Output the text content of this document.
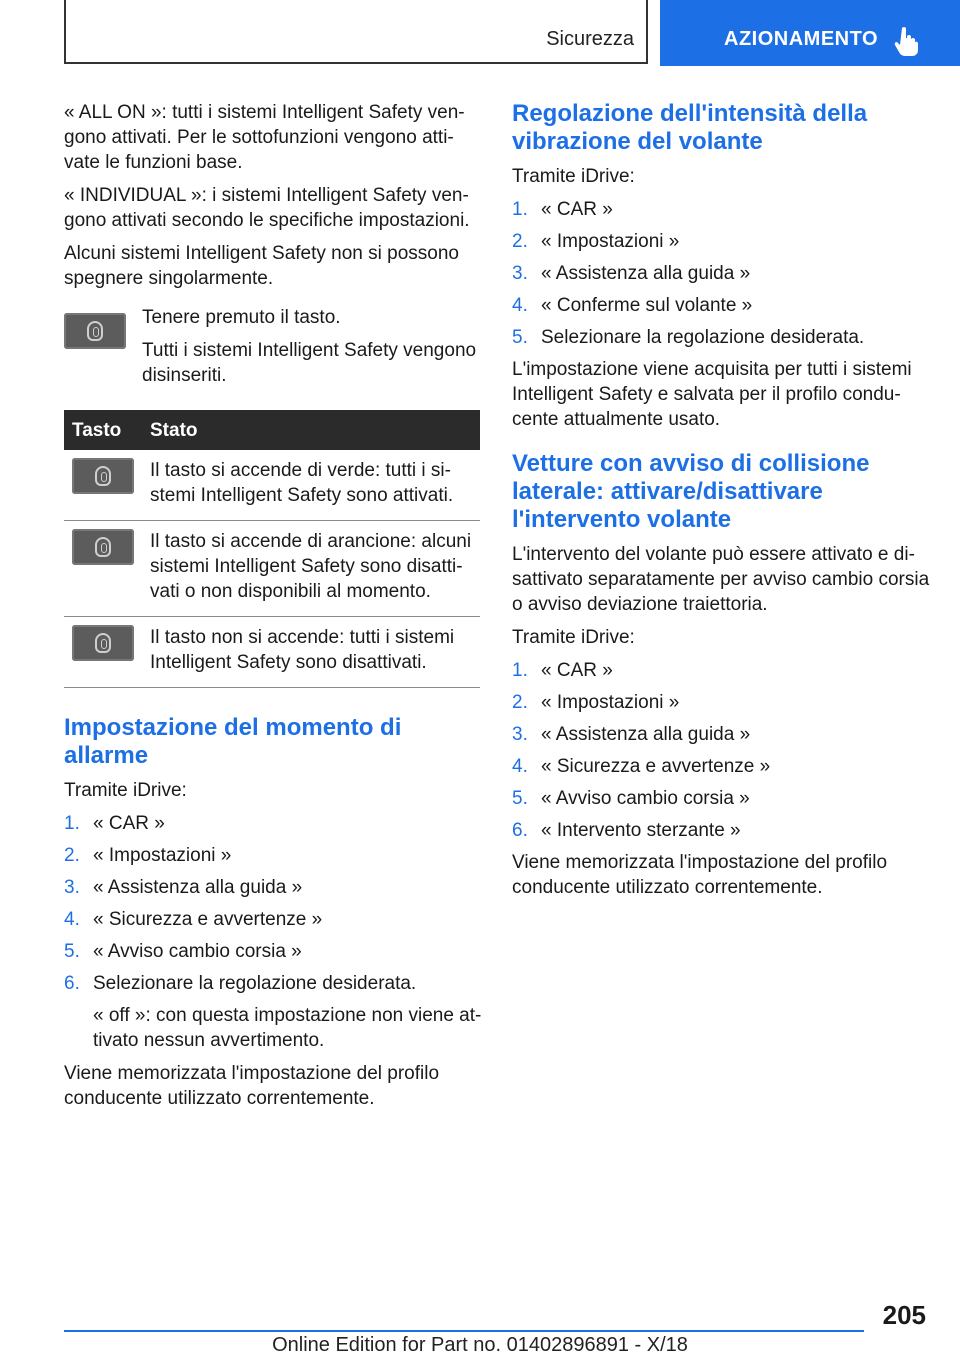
Sicurezza	AZIONAMENTO

« ALL ON »: tutti i sistemi Intelligent Safety vengono attivati. Per le sottofunzioni vengono attivate le funzioni base.

« INDIVIDUAL »: i sistemi Intelligent Safety vengono attivati secondo le specifiche impostazioni.

Alcuni sistemi Intelligent Safety non si possono spegnere singolarmente.

Tenere premuto il tasto.

Tutti i sistemi Intelligent Safety vengono disinseriti.

Tasto	Stato

	Il tasto si accende di verde: tutti i sistemi Intelligent Safety sono attivati.

	Il tasto si accende di arancione: alcuni sistemi Intelligent Safety sono disattivati o non disponibili al momento.

	Il tasto non si accende: tutti i sistemi Intelligent Safety sono disattivati.
Impostazione del momento di allarme

Tramite iDrive:

1. « CAR »
2. « Impostazioni »
3. « Assistenza alla guida »
4. « Sicurezza e avvertenze »
5. « Avviso cambio corsia »
6. Selezionare la regolazione desiderata.

« off »: con questa impostazione non viene attivato nessun avvertimento.

Viene memorizzata l'impostazione del profilo conducente utilizzato correntemente.

Regolazione dell'intensità della vibrazione del volante

Tramite iDrive:

1. « CAR »
2. « Impostazioni »
3. « Assistenza alla guida »
4. « Conferme sul volante »
5. Selezionare la regolazione desiderata.

L'impostazione viene acquisita per tutti i sistemi Intelligent Safety e salvata per il profilo conducente attualmente usato.

Vetture con avviso di collisione laterale: attivare/disattivare l'intervento volante

L'intervento del volante può essere attivato e disattivato separatamente per avviso cambio corsia o avviso deviazione traiettoria.

Tramite iDrive:

1. « CAR »
2. « Impostazioni »
3. « Assistenza alla guida »
4. « Sicurezza e avvertenze »
5. « Avviso cambio corsia »
6. « Intervento sterzante »

Viene memorizzata l'impostazione del profilo conducente utilizzato correntemente.

205
Online Edition for Part no. 01402896891 - X/18
